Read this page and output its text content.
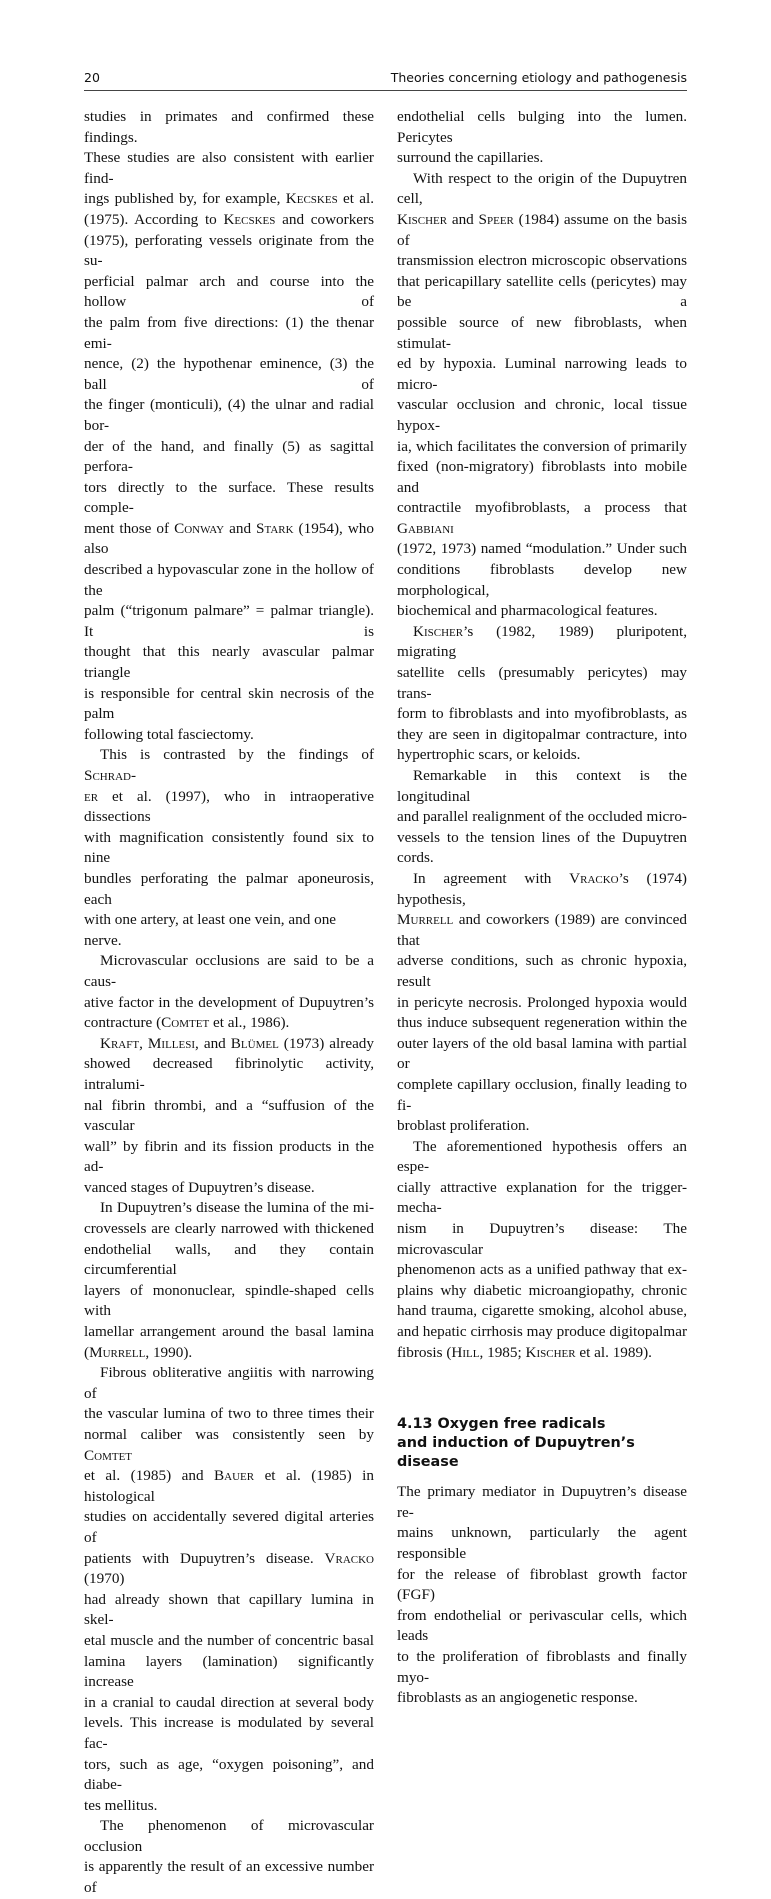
20	Theories concerning etiology and pathogenesis

studies in primates and confirmed these findings.

These studies are also consistent with earlier find-

ings published by, for example, Kecskes et al.

(1975). According to Kecskes and coworkers

(1975), perforating vessels originate from the su-

perficial palmar arch and course into the hollow of

the palm from five directions: (1) the thenar emi-

nence, (2) the hypothenar eminence, (3) the ball of

the finger (monticuli), (4) the ulnar and radial bor-

der of the hand, and finally (5) as sagittal perfora-

tors directly to the surface. These results comple-

ment those of Conway and Stark (1954), who also

described a hypovascular zone in the hollow of the

palm (“trigonum palmare” = palmar triangle). It is

thought that this nearly avascular palmar triangle

is responsible for central skin necrosis of the palm

following total fasciectomy.

This is contrasted by the findings of Schrad-

er et al. (1997), who in intraoperative dissections

with magnification consistently found six to nine

bundles perforating the palmar aponeurosis, each

with one artery, at least one vein, and one nerve.

Microvascular occlusions are said to be a caus-

ative factor in the development of Dupuytren’s

contracture (Comtet et al., 1986).

Kraft, Millesi, and Blümel (1973) already

showed decreased fibrinolytic activity, intralumi-

nal fibrin thrombi, and a “suffusion of the vascular

wall” by fibrin and its fission products in the ad-

vanced stages of Dupuytren’s disease.

In Dupuytren’s disease the lumina of the mi-

crovessels are clearly narrowed with thickened

endothelial walls, and they contain circumferential

layers of mononuclear, spindle-shaped cells with

lamellar arrangement around the basal lamina

(Murrell, 1990).

Fibrous obliterative angiitis with narrowing of

the vascular lumina of two to three times their

normal caliber was consistently seen by Comtet

et al. (1985) and Bauer et al. (1985) in histological

studies on accidentally severed digital arteries of

patients with Dupuytren’s disease. Vracko (1970)

had already shown that capillary lumina in skel-

etal muscle and the number of concentric basal

lamina layers (lamination) significantly increase

in a cranial to caudal direction at several body

levels. This increase is modulated by several fac-

tors, such as age, “oxygen poisoning”, and diabe-

tes mellitus.

The phenomenon of microvascular occlusion

is apparently the result of an excessive number of

endothelial cells bulging into the lumen. Pericytes

surround the capillaries.

With respect to the origin of the Dupuytren cell,

Kischer and Speer (1984) assume on the basis of

transmission electron microscopic observations

that pericapillary satellite cells (pericytes) may be a

possible source of new fibroblasts, when stimulat-

ed by hypoxia. Luminal narrowing leads to micro-

vascular occlusion and chronic, local tissue hypox-

ia, which facilitates the conversion of primarily

fixed (non-migratory) fibroblasts into mobile and

contractile myofibroblasts, a process that Gabbiani

(1972, 1973) named “modulation.” Under such

conditions fibroblasts develop new morphological,

biochemical and pharmacological features.

Kischer’s (1982, 1989) pluripotent, migrating

satellite cells (presumably pericytes) may trans-

form to fibroblasts and into myofibroblasts, as

they are seen in digitopalmar contracture, into

hypertrophic scars, or keloids.

Remarkable in this context is the longitudinal

and parallel realignment of the occluded micro-

vessels to the tension lines of the Dupuytren

cords.

In agreement with Vracko’s (1974) hypothesis,

Murrell and coworkers (1989) are convinced that

adverse conditions, such as chronic hypoxia, result

in pericyte necrosis. Prolonged hypoxia would

thus induce subsequent regeneration within the

outer layers of the old basal lamina with partial or

complete capillary occlusion, finally leading to fi-

broblast proliferation.

The aforementioned hypothesis offers an espe-

cially attractive explanation for the trigger-mecha-

nism in Dupuytren’s disease: The microvascular

phenomenon acts as a unified pathway that ex-

plains why diabetic microangiopathy, chronic

hand trauma, cigarette smoking, alcohol abuse,

and hepatic cirrhosis may produce digitopalmar

fibrosis (Hill, 1985; Kischer et al. 1989).

4.13 Oxygen free radicals
and induction of Dupuytren’s disease

The primary mediator in Dupuytren’s disease re-

mains unknown, particularly the agent responsible

for the release of fibroblast growth factor (FGF)

from endothelial or perivascular cells, which leads

to the proliferation of fibroblasts and finally myo-

fibroblasts as an angiogenetic response.
